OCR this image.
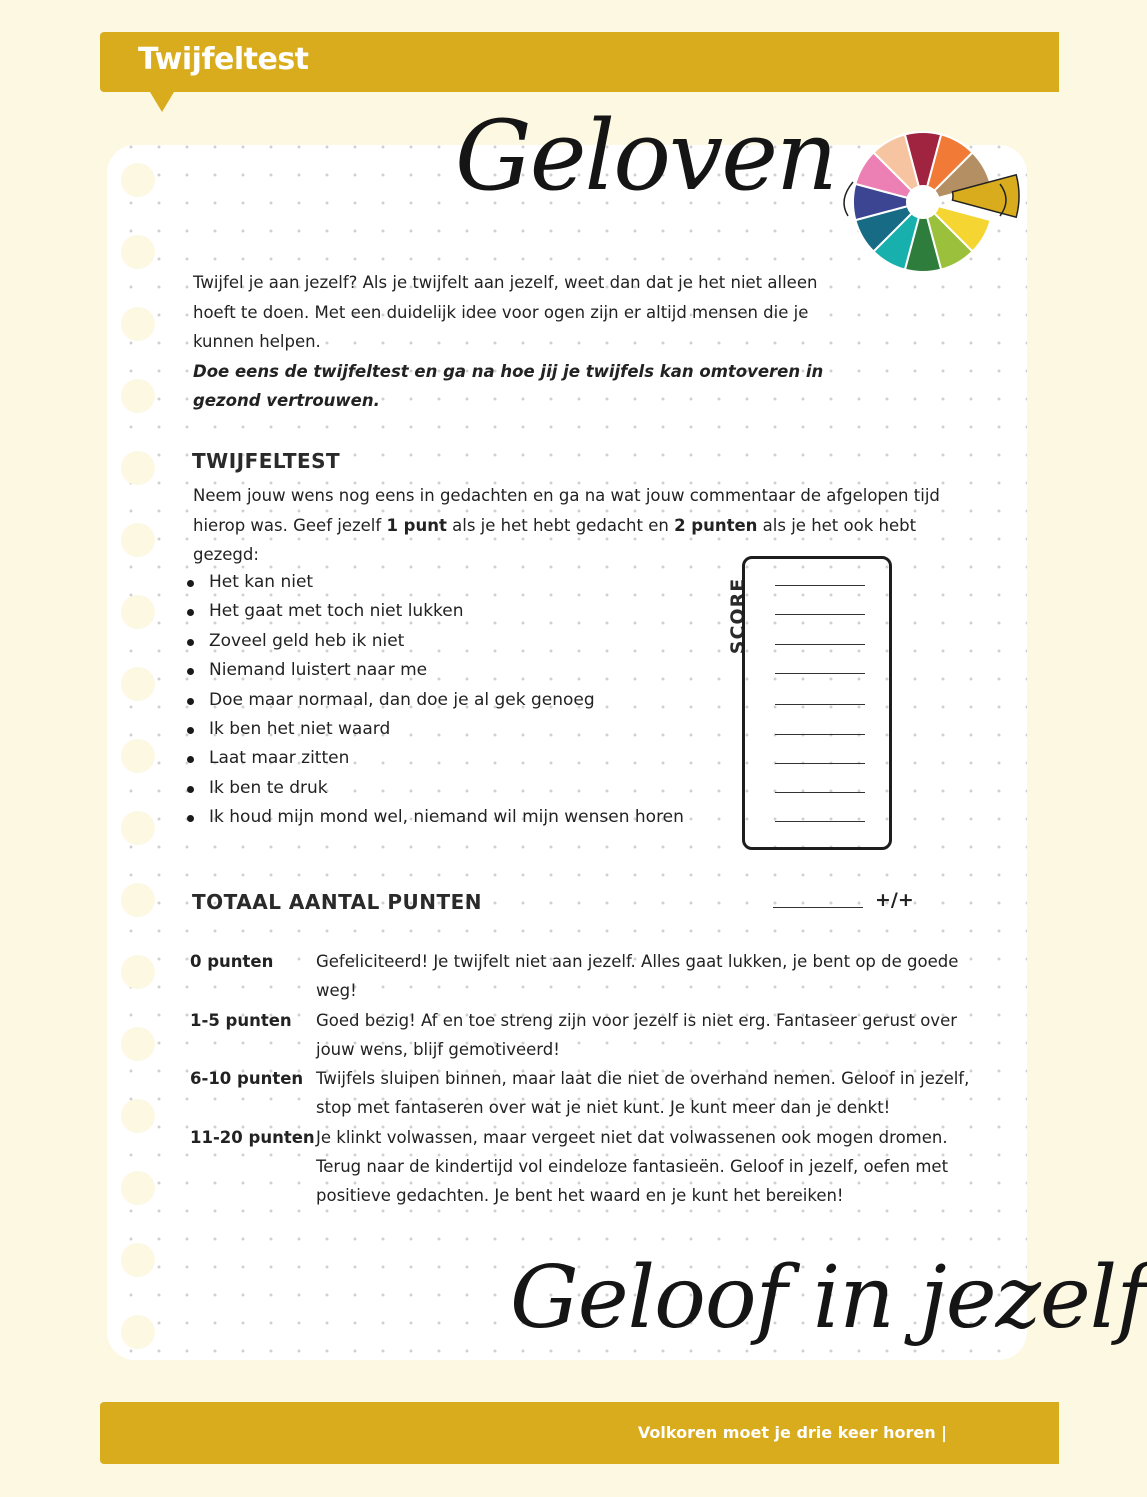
Twijfeltest
Geloven
Twijfel je aan jezelf? Als je twijfelt aan jezelf, weet dan dat je het niet alleen hoeft te doen. Met een duidelijk idee voor ogen zijn er altijd mensen die je kunnen helpen.
Doe eens de twijfeltest en ga na hoe jij je twijfels kan omtoveren in gezond vertrouwen.
TWIJFELTEST
Neem jouw wens nog eens in gedachten en ga na wat jouw commentaar de afgelopen tijd hierop was. Geef jezelf 1 punt als je het hebt gedacht en 2 punten als je het ook hebt gezegd:
Het kan niet
Het gaat met toch niet lukken
Zoveel geld heb ik niet
Niemand luistert naar me
Doe maar normaal, dan doe je al gek genoeg
Ik ben het niet waard
Laat maar zitten
Ik ben te druk
Ik houd mijn mond wel, niemand wil mijn wensen horen
SCORE
TOTAAL AANTAL PUNTEN	+/+
0 punten	Gefeliciteerd! Je twijfelt niet aan jezelf. Alles gaat lukken, je bent op de goede weg!
1-5 punten Goed bezig! Af en toe streng zijn voor jezelf is niet erg. Fantaseer gerust over jouw wens, blijf gemotiveerd!
6-10 punten Twijfels sluipen binnen, maar laat die niet de overhand nemen. Geloof in jezelf, stop met fantaseren over wat je niet kunt. Je kunt meer dan je denkt!
11-20 punten Je klinkt volwassen, maar vergeet niet dat volwassenen ook mogen dromen. Terug naar de kindertijd vol eindeloze fantasieën. Geloof in jezelf, oefen met positieve gedachten. Je bent het waard en je kunt het bereiken!
Geloof in jezelf
Volkoren moet je drie keer horen |
